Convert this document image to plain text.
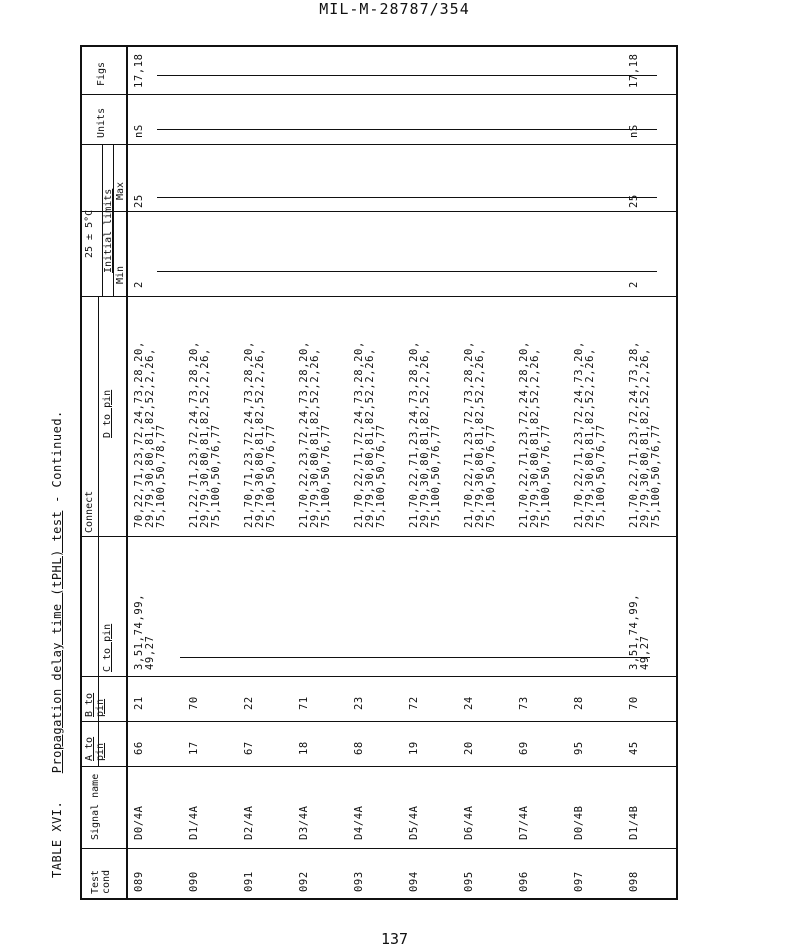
MIL-M-28787/354
TABLE XVI.  Propagation delay time (tPHL) test - Continued.
Test cond
Signal name
A to pin
B to pin
Connect
C to pin
D to pin
25 ± 5°C Initial limits
Min
Max
Units
Figs
089
D0/4A
66
21
3,51,74,99, 49,27
70,22,71,23,72,24,73,28,20, 29,79,30,80,81,82,52,2,26, 75,100,50,78,77
2
25
nS
17,18
090
D1/4A
17
70
21,22,71,23,72,24,73,28,20, 29,79,30,80,81,82,52,2,26, 75,100,50,76,77
091
D2/4A
67
22
21,70,71,23,72,24,73,28,20, 29,79,30,80,81,82,52,2,26, 75,100,50,76,77
092
D3/4A
18
71
21,70,22,23,72,24,73,28,20, 29,79,30,80,81,82,52,2,26, 75,100,50,76,77
093
D4/4A
68
23
21,70,22,71,72,24,73,28,20, 29,79,30,80,81,82,52,2,26, 75,100,50,76,77
094
D5/4A
19
72
21,70,22,71,23,24,73,28,20, 29,79,30,80,81,82,52,2,26, 75,100,50,76,77
095
D6/4A
20
24
21,70,22,71,23,72,73,28,20, 29,79,30,80,81,82,52,2,26, 75,100,50,76,77
096
D7/4A
69
73
21,70,22,71,23,72,24,28,20, 29,79,30,80,81,82,52,2,26, 75,100,50,76,77
097
D0/4B
95
28
21,70,22,71,23,72,24,73,20, 29,79,30,80,81,82,52,2,26, 75,100,50,76,77
098
D1/4B
45
70
3,51,74,99, 49,27
21,70,22,71,23,72,24,73,28, 29,79,30,80,81,82,52,2,26, 75,100,50,76,77
2
25
nS
17,18
137
